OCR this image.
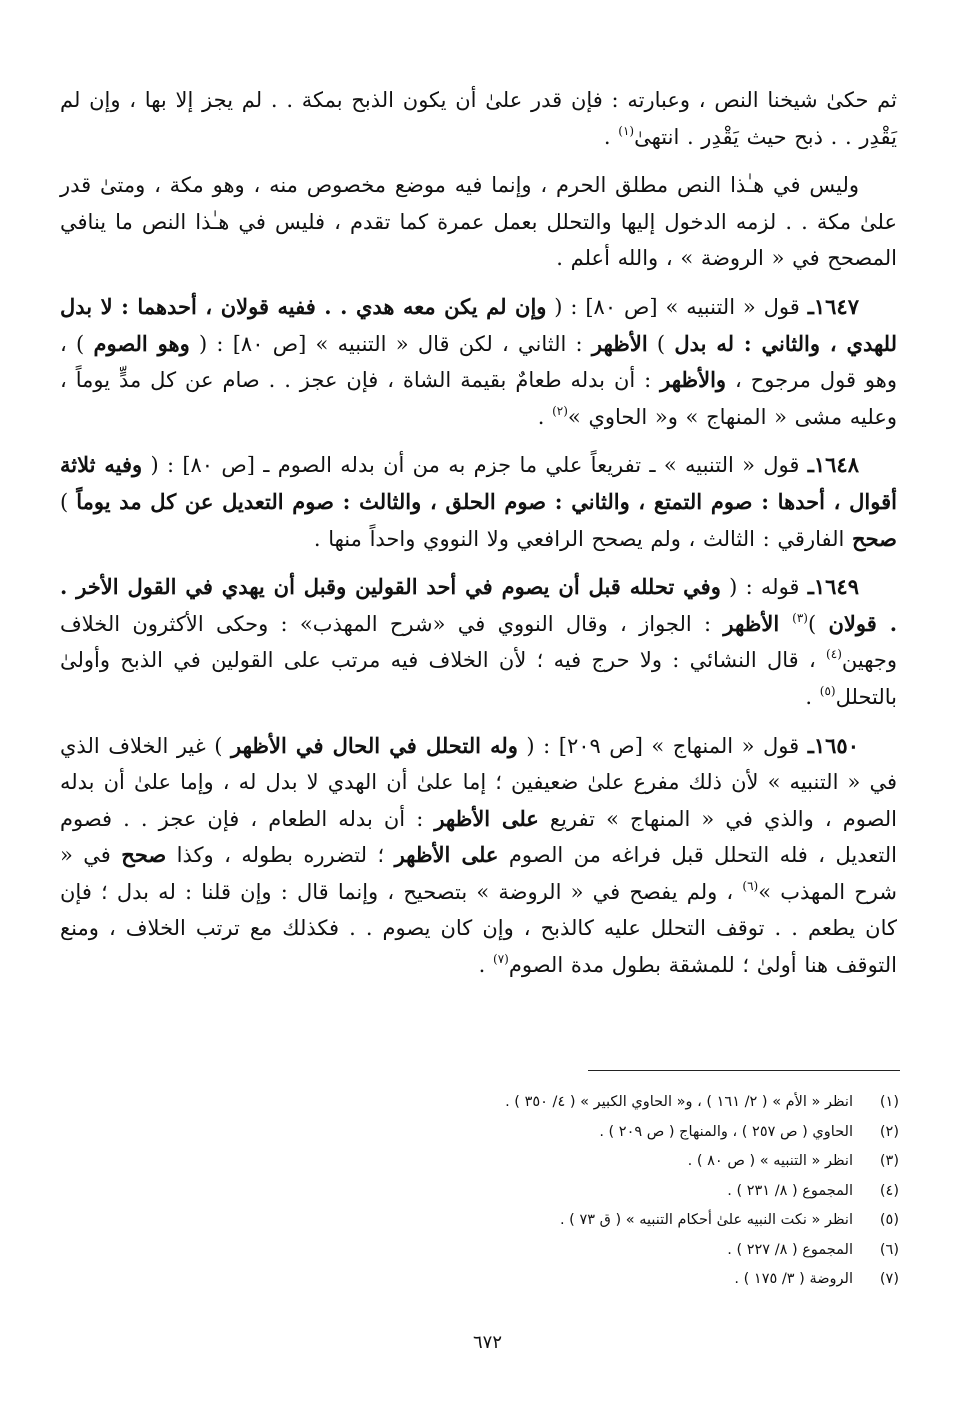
ثم حكىٰ شيخنا النص ، وعبارته : فإن قدر علىٰ أن يكون الذبح بمكة . . لم يجز إلا بها ، وإن لم يَقْدِر . . ذبح حيث يَقْدِر . انتهىٰ$^{(١)}$ .

وليس في هـٰذا النص مطلق الحرم ، وإنما فيه موضع مخصوص منه ، وهو مكة ، ومتىٰ قدر علىٰ مكة . . لزمه الدخول إليها والتحلل بعمل عمرة كما تقدم ، فليس في هـٰذا النص ما ينافي المصحح في « الروضة » ، والله أعلم .

١٦٤٧ـ قول « التنبيه » [ص ٨٠] : ( وإن لم يكن معه هدي . . ففيه قولان ، أحدهما : لا بدل للهدي ، والثاني : له بدل ) الأظهر : الثاني ، لكن قال « التنبيه » [ص ٨٠] : ( وهو الصوم ) ، وهو قول مرجوح ، والأظهر : أن بدله طعامٌ بقيمة الشاة ، فإن عجز . . صام عن كل مدٍّ يوماً ، وعليه مشى « المنهاج » و« الحاوي »$^{(٢)}$ .

١٦٤٨ـ قول « التنبيه » ـ تفريعاً علي ما جزم به من أن بدله الصوم ـ [ص ٨٠] : ( وفيه ثلاثة أقوال ، أحدها : صوم التمتع ، والثاني : صوم الحلق ، والثالث : صوم التعديل عن كل مد يوماً ) صحح الفارقي : الثالث ، ولم يصحح الرافعي ولا النووي واحداً منها .

١٦٤٩ـ قوله : ( وفي تحلله قبل أن يصوم في أحد القولين وقبل أن يهدي في القول الأخر . . قولان )$^{(٣)}$ الأظهر : الجواز ، وقال النووي في «شرح المهذب» : وحكى الأكثرون الخلاف وجهين$^{(٤)}$ ، قال النشائي : ولا حرج فيه ؛ لأن الخلاف فيه مرتب على القولين في الذبح وأولىٰ بالتحلل$^{(٥)}$ .

١٦٥٠ـ قول « المنهاج » [ص ٢٠٩] : ( وله التحلل في الحال في الأظهر ) غير الخلاف الذي في « التنبيه » لأن ذلك مفرع علىٰ ضعيفين ؛ إما علىٰ أن الهدي لا بدل له ، وإما علىٰ أن بدله الصوم ، والذي في « المنهاج » تفريع على الأظهر : أن بدله الطعام ، فإن عجز . . فصوم التعديل ، فله التحلل قبل فراغه من الصوم على الأظهر ؛ لتضرره بطوله ، وكذا صحح في « شرح المهذب »$^{(٦)}$ ، ولم يفصح في « الروضة » بتصحيح ، وإنما قال : وإن قلنا : له بدل ؛ فإن كان يطعم . . توقف التحلل عليه كالذبح ، وإن كان يصوم . . فكذلك مع ترتب الخلاف ، ومنع التوقف هنا أولىٰ ؛ للمشقة بطول مدة الصوم$^{(٧)}$ .

(١)
انظر « الأم » ( ٢/ ١٦١ ) ، و« الحاوي الكبير » ( ٤/ ٣٥٠ ) .
(٢)
الحاوي ( ص ٢٥٧ ) ، والمنهاج ( ص ٢٠٩ ) .
(٣)
انظر « التنبيه » ( ص ٨٠ ) .
(٤)
المجموع ( ٨/ ٢٣١ ) .
(٥)
انظر « نكت النبيه علىٰ أحكام التنبيه » ( ق ٧٣ ) .
(٦)
المجموع ( ٨/ ٢٢٧ ) .
(٧)
الروضة ( ٣/ ١٧٥ ) .
٦٧٢
